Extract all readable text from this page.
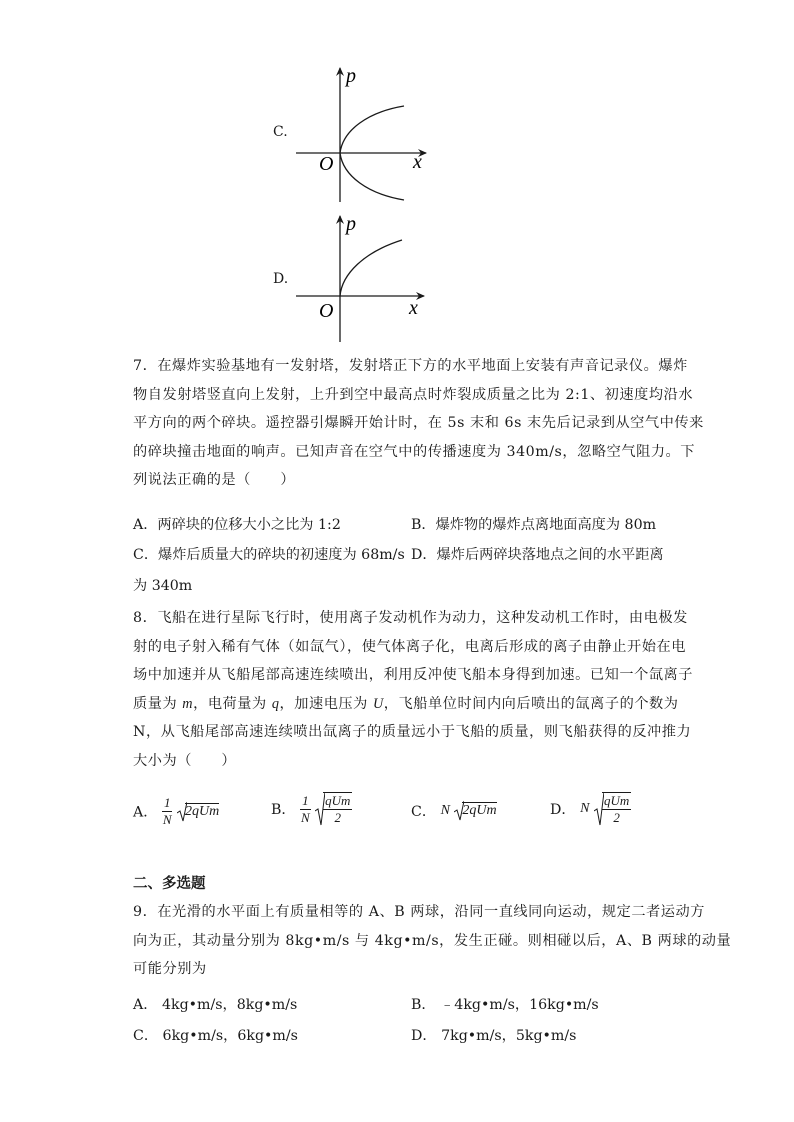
C.
p
x
O
D.
p
x
O
7．在爆炸实验基地有一发射塔，发射塔正下方的水平地面上安装有声音记录仪。爆炸
物自发射塔竖直向上发射，上升到空中最高点时炸裂成质量之比为 2:1、初速度均沿水
平方向的两个碎块。遥控器引爆瞬开始计时，在 5s 末和 6s 末先后记录到从空气中传来
的碎块撞击地面的响声。已知声音在空气中的传播速度为 340m/s，忽略空气阻力。下
列说法正确的是（　　）
A．两碎块的位移大小之比为 1:2	B．爆炸物的爆炸点离地面高度为 80m
C．爆炸后质量大的碎块的初速度为 68m/s D．爆炸后两碎块落地点之间的水平距离
为 340m
8．飞船在进行星际飞行时，使用离子发动机作为动力，这种发动机工作时，由电极发
射的电子射入稀有气体（如氙气），使气体离子化，电离后形成的离子由静止开始在电
场中加速并从飞船尾部高速连续喷出，利用反冲使飞船本身得到加速。已知一个氙离子
质量为 m，电荷量为 q，加速电压为 U，飞船单位时间内向后喷出的氙离子的个数为
N，从飞船尾部高速连续喷出氙离子的质量远小于飞船的质量，则飞船获得的反冲推力
大小为（　　）
A． $\frac{1}{N} 2qUm$	B． $\frac{1}{N}$
$\frac{\text{qUm}}{2}$	C． N 2qUm	D． N $\frac{\text{qUm}}{2}$
二、多选题
9．在光滑的水平面上有质量相等的 A、B 两球，沿同一直线同向运动，规定二者运动方
向为正，其动量分别为 8kg•m/s 与 4kg•m/s，发生正碰。则相碰以后，A、B 两球的动量
可能分别为
A． 4kg•m/s，8kg•m/s	B． ﹣4kg•m/s，16kg•m/s
C． 6kg•m/s，6kg•m/s	D． 7kg•m/s，5kg•m/s
